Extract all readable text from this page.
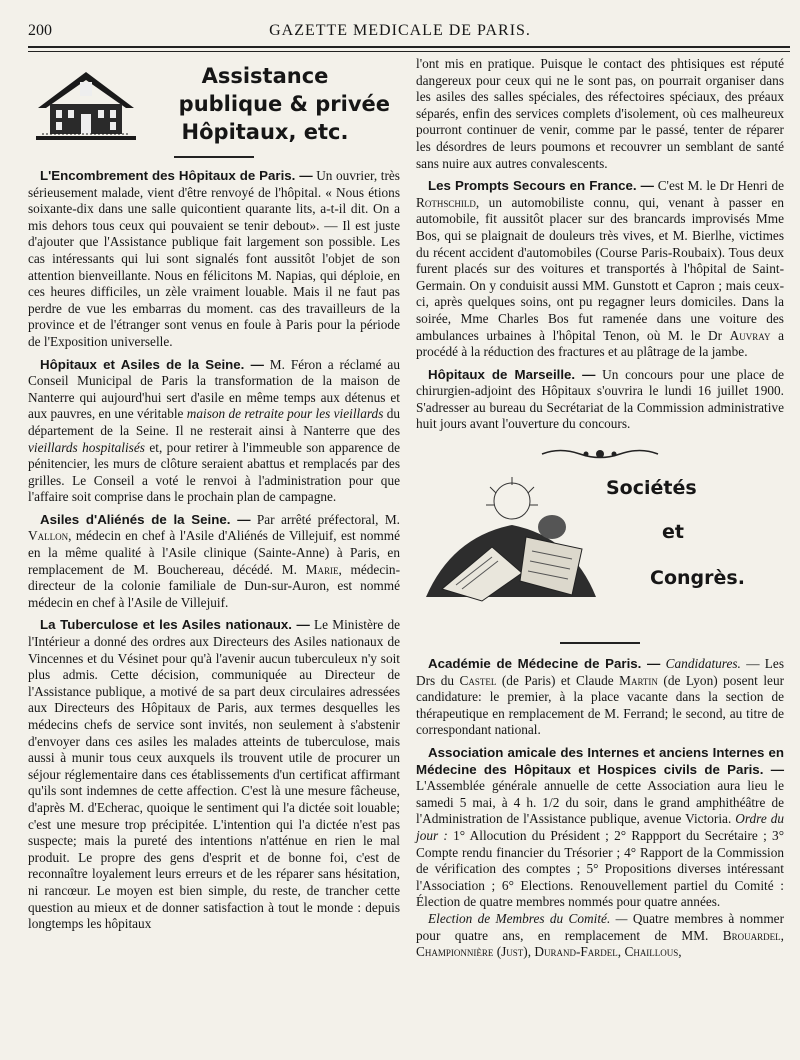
200	GAZETTE MEDICALE DE PARIS.
Assistance
publique & privée
Hôpitaux, etc.

L'Encombrement des Hôpitaux de Paris. — Un ouvrier, très sérieusement malade, vient d'être renvoyé de l'hôpital. « Nous étions soixante-dix dans une salle quicontient quarante lits, a-t-il dit. On a mis dehors tous ceux qui pouvaient se tenir debout». — Il est juste d'ajouter que l'Assistance publique fait largement son possible. Les cas intéressants qui lui sont signalés font aussitôt l'objet de son attention bienveillante. Nous en félicitons M. Napias, qui déploie, en ces heures difficiles, un zèle vraiment louable. Mais il ne faut pas perdre de vue les embarras du moment. cas des travailleurs de la province et de l'étranger sont venus en foule à Paris pour la période de l'Exposition universelle.

Hôpitaux et Asiles de la Seine. — M. Féron a réclamé au Conseil Municipal de Paris la transformation de la maison de Nanterre qui aujourd'hui sert d'asile en même temps aux détenus et aux pauvres, en une véritable maison de retraite pour les vieillards du département de la Seine. Il ne resterait ainsi à Nanterre que des vieillards hospitalisés et, pour retirer à l'immeuble son apparence de pénitencier, les murs de clôture seraient abattus et remplacés par des grilles. Le Conseil a voté le renvoi à l'administration pour que l'affaire soit comprise dans le prochain plan de campagne.

Asiles d'Aliénés de la Seine. — Par arrêté préfectoral, M. Vallon, médecin en chef à l'Asile d'Aliénés de Villejuif, est nommé en la même qualité à l'Asile clinique (Sainte-Anne) à Paris, en remplacement de M. Bouchereau, décédé. M. Marie, médecin-directeur de la colonie familiale de Dun-sur-Auron, est nommé médecin en chef à l'Asile de Villejuif.

La Tuberculose et les Asiles nationaux. — Le Ministère de l'Intérieur a donné des ordres aux Directeurs des Asiles nationaux de Vincennes et du Vésinet pour qu'à l'avenir aucun tuberculeux n'y soit plus admis. Cette décision, communiquée au Directeur de l'Assistance publique, a motivé de sa part deux circulaires adressées aux Directeurs des Hôpitaux de Paris, aux termes desquelles les médecins chefs de service sont invités, non seulement à s'abstenir d'envoyer dans ces asiles les malades atteints de tuberculose, mais aussi à munir tous ceux auxquels ils trouvent utile de procurer un séjour réglementaire dans ces établissements d'un certificat affirmant qu'ils sont indemnes de cette affection. C'est là une mesure fâcheuse, d'après M. d'Echerac, quoique le sentiment qui l'a dictée soit louable; c'est une mesure trop précipitée. L'intention qui l'a dictée n'est pas suspecte; mais la pureté des intentions n'atténue en rien le mal produit. Le propre des gens d'esprit et de bonne foi, c'est de reconnaître loyalement leurs erreurs et de les réparer sans hésitation, ni rancœur. Le moyen est bien simple, du reste, de trancher cette question au mieux et de donner satisfaction à tout le monde : depuis longtemps les hôpitaux

l'ont mis en pratique. Puisque le contact des phtisiques est réputé dangereux pour ceux qui ne le sont pas, on pourrait organiser dans les asiles des salles spéciales, des réfectoires spéciaux, des préaux séparés, enfin des services complets d'isolement, où ces malheureux pourront continuer de venir, comme par le passé, tenter de réparer les désordres de leurs poumons et recouvrer un semblant de santé sans nuire aux autres convalescents.

Les Prompts Secours en France. — C'est M. le Dr Henri de Rothschild, un automobiliste connu, qui, venant à passer en automobile, fit aussitôt placer sur des brancards improvisés Mme Bos, qui se plaignait de douleurs très vives, et M. Bierlhe, victimes du récent accident d'automobiles (Course Paris-Roubaix). Tous deux furent placés sur des voitures et transportés à l'hôpital de Saint-Germain. On y conduisit aussi MM. Gunstott et Capron ; mais ceux-ci, après quelques soins, ont pu regagner leurs domiciles. Dans la soirée, Mme Charles Bos fut ramenée dans une voiture des ambulances urbaines à l'hôpital Tenon, où M. le Dr Auvray a procédé à la réduction des fractures et au plâtrage de la jambe.

Hôpitaux de Marseille. — Un concours pour une place de chirurgien-adjoint des Hôpitaux s'ouvrira le lundi 16 juillet 1900. S'adresser au bureau du Secrétariat de la Commission administrative huit jours avant l'ouverture du concours.

Sociétés
et
Congrès.

Académie de Médecine de Paris. — Candidatures. — Les Drs du Castel (de Paris) et Claude Martin (de Lyon) posent leur candidature: le premier, à la place vacante dans la section de thérapeutique en remplacement de M. Ferrand; le second, au titre de correspondant national.

Association amicale des Internes et anciens Internes en Médecine des Hôpitaux et Hospices civils de Paris. — L'Assemblée générale annuelle de cette Association aura lieu le samedi 5 mai, à 4 h. 1/2 du soir, dans le grand amphithéâtre de l'Administration de l'Assistance publique, avenue Victoria. Ordre du jour : 1° Allocution du Président ; 2° Rappport du Secrétaire ; 3° Compte rendu financier du Trésorier ; 4° Rapport de la Commission de vérification des comptes ; 5° Propositions diverses intéressant l'Association ; 6° Elections. Renouvellement partiel du Comité : Élection de quatre membres nommés pour quatre années.

Election de Membres du Comité. — Quatre membres à nommer pour quatre ans, en remplacement de MM. Brouardel, Championnière (Just), Durand-Fardel, Chaillous,
